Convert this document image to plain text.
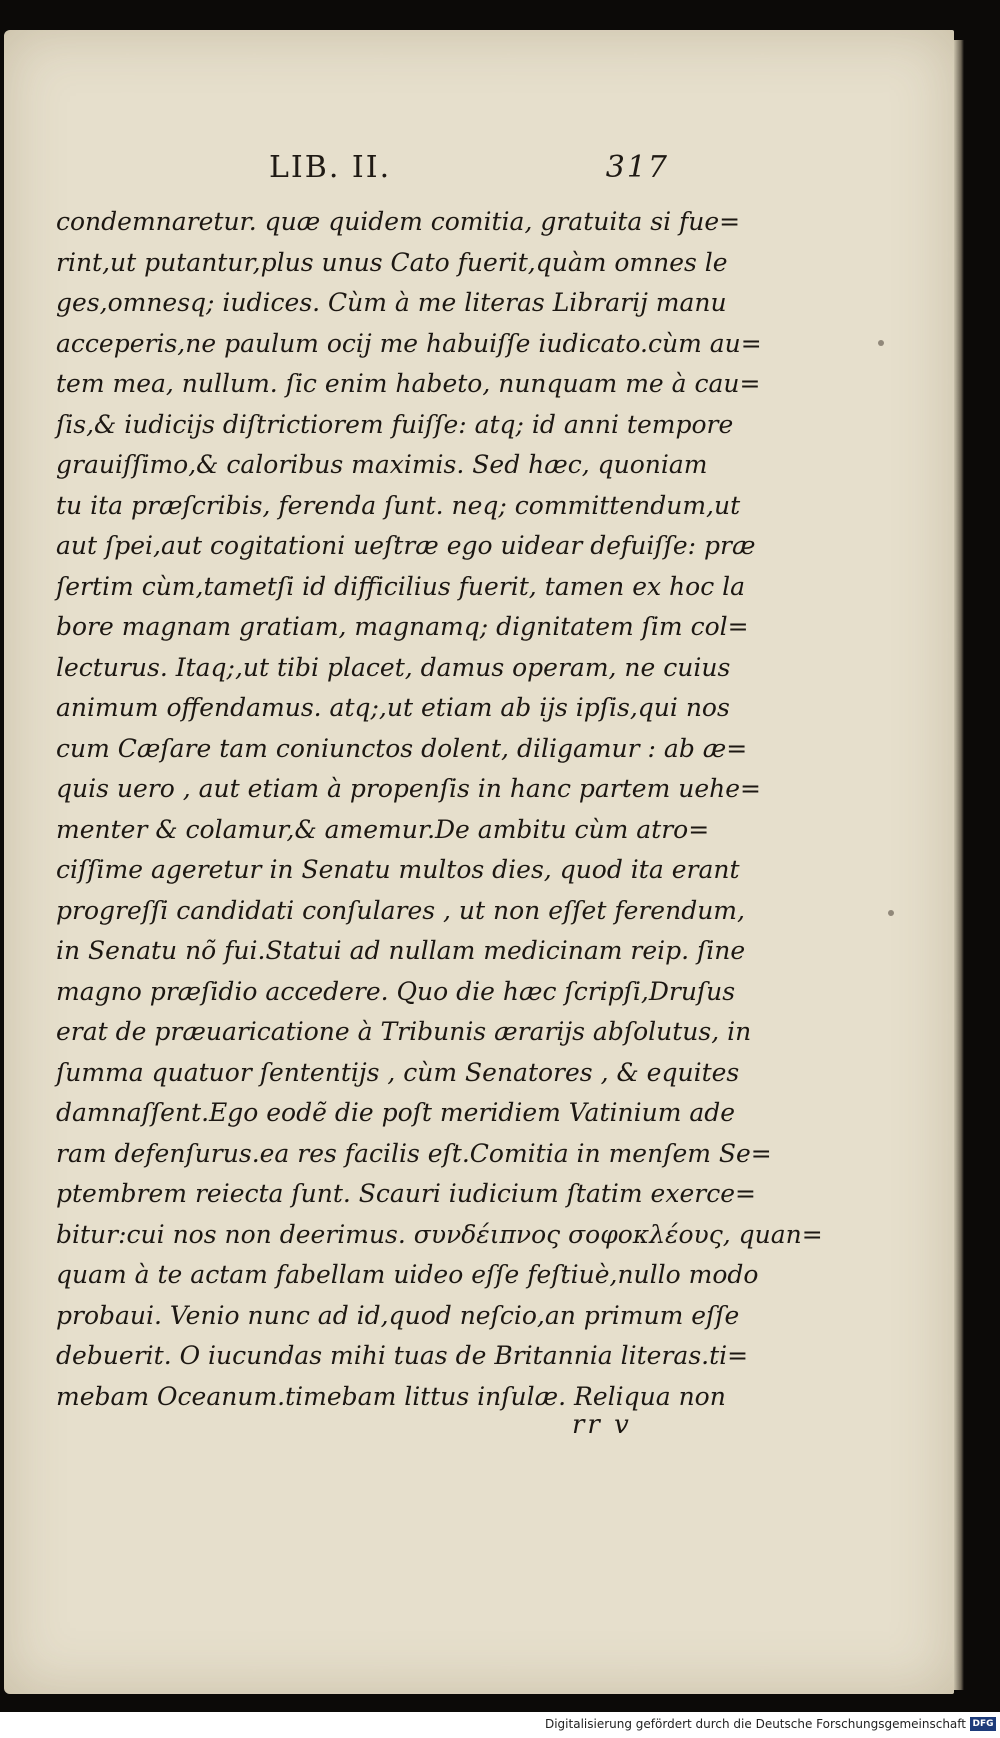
LIB. II.	317
condemnaretur. quæ quidem comitia, gratuita si fue=
rint,ut putantur,plus unus Cato fuerit,quàm omnes le
ges,omnesq; iudices. Cùm à me literas Librarij manu
acceperis,ne paulum ocij me habuiſſe iudicato.cùm au=
tem mea, nullum. ſic enim habeto, nunquam me à cau=
ſis,& iudicijs diſtrictiorem fuiſſe: atq; id anni tempore
grauiſſimo,& caloribus maximis. Sed hæc, quoniam
tu ita præſcribis, ferenda ſunt. neq; committendum,ut
aut ſpei,aut cogitationi ueſtræ ego uidear defuiſſe: præ
ſertim cùm,tametſi id difficilius fuerit, tamen ex hoc la
bore magnam gratiam, magnamq; dignitatem ſim col=
lecturus. Itaq;,ut tibi placet, damus operam, ne cuius
animum offendamus. atq;,ut etiam ab ijs ipſis,qui nos
cum Cæſare tam coniunctos dolent, diligamur : ab æ=
quis uero , aut etiam à propenſis in hanc partem uehe=
menter & colamur,& amemur.De ambitu cùm atro=
ciſſime ageretur in Senatu multos dies, quod ita erant
progreſſi candidati conſulares , ut non eſſet ferendum,
in Senatu nõ fui.Statui ad nullam medicinam reip. ſine
magno præſidio accedere. Quo die hæc ſcripſi,Druſus
erat de præuaricatione à Tribunis ærarijs abſolutus, in
ſumma quatuor ſententijs , cùm Senatores , & equites
damnaſſent.Ego eodẽ die poſt meridiem Vatinium ade
ram defenſurus.ea res facilis eſt.Comitia in menſem Se=
ptembrem reiecta ſunt. Scauri iudicium ſtatim exerce=
bitur:cui nos non deerimus. συνδέιπνος σοφοκλέους, quan=
quam à te actam fabellam uideo eſſe feſtiuè,nullo modo
probaui. Venio nunc ad id,quod neſcio,an primum eſſe
debuerit. O iucundas mihi tuas de Britannia literas.ti=
mebam Oceanum.timebam littus inſulæ. Reliqua non
rr v
Digitalisierung gefördert durch die Deutsche Forschungsgemeinschaft DFG
